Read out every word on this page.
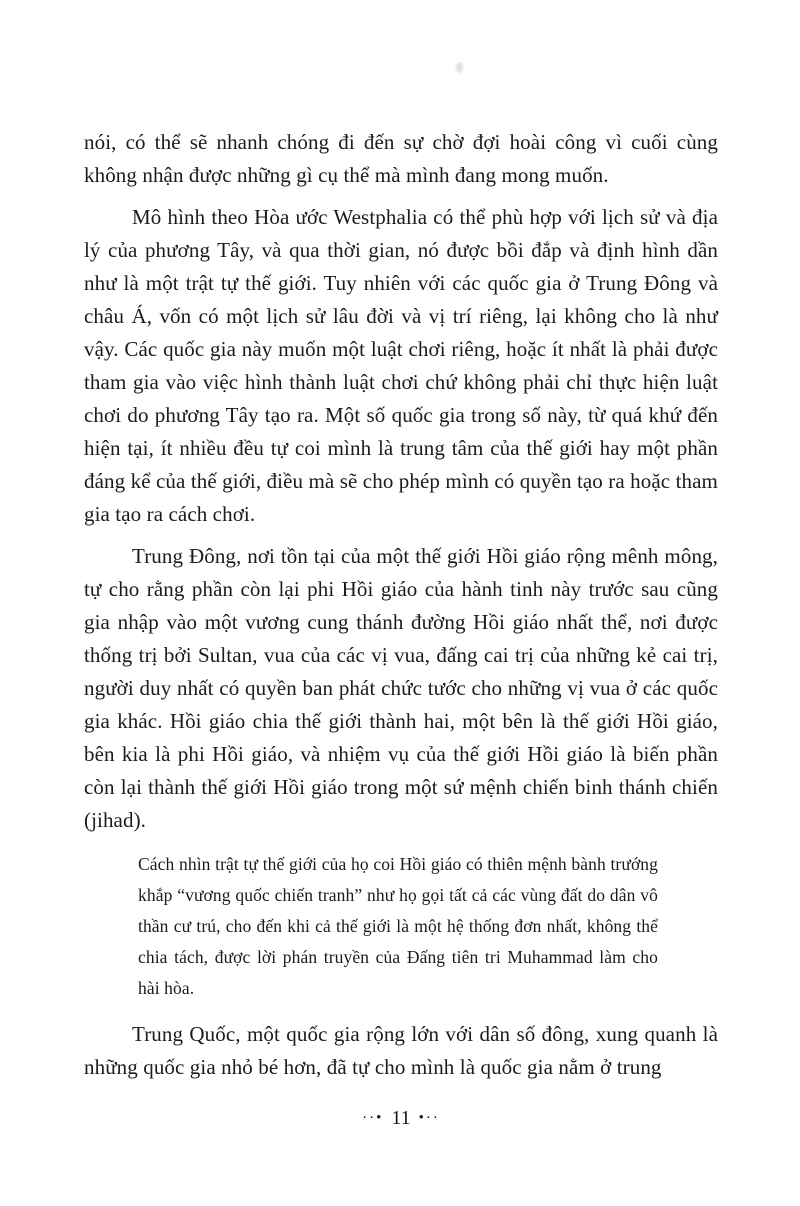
nói, có thể sẽ nhanh chóng đi đến sự chờ đợi hoài công vì cuối cùng không nhận được những gì cụ thể mà mình đang mong muốn.

Mô hình theo Hòa ước Westphalia có thể phù hợp với lịch sử và địa lý của phương Tây, và qua thời gian, nó được bồi đắp và định hình dần như là một trật tự thế giới. Tuy nhiên với các quốc gia ở Trung Đông và châu Á, vốn có một lịch sử lâu đời và vị trí riêng, lại không cho là như vậy. Các quốc gia này muốn một luật chơi riêng, hoặc ít nhất là phải được tham gia vào việc hình thành luật chơi chứ không phải chỉ thực hiện luật chơi do phương Tây tạo ra. Một số quốc gia trong số này, từ quá khứ đến hiện tại, ít nhiều đều tự coi mình là trung tâm của thế giới hay một phần đáng kể của thế giới, điều mà sẽ cho phép mình có quyền tạo ra hoặc tham gia tạo ra cách chơi.

Trung Đông, nơi tồn tại của một thế giới Hồi giáo rộng mênh mông, tự cho rằng phần còn lại phi Hồi giáo của hành tinh này trước sau cũng gia nhập vào một vương cung thánh đường Hồi giáo nhất thể, nơi được thống trị bởi Sultan, vua của các vị vua, đấng cai trị của những kẻ cai trị, người duy nhất có quyền ban phát chức tước cho những vị vua ở các quốc gia khác. Hồi giáo chia thế giới thành hai, một bên là thế giới Hồi giáo, bên kia là phi Hồi giáo, và nhiệm vụ của thế giới Hồi giáo là biến phần còn lại thành thế giới Hồi giáo trong một sứ mệnh chiến binh thánh chiến (jihad).

Cách nhìn trật tự thế giới của họ coi Hồi giáo có thiên mệnh bành trướng khắp “vương quốc chiến tranh” như họ gọi tất cả các vùng đất do dân vô thần cư trú, cho đến khi cả thế giới là một hệ thống đơn nhất, không thể chia tách, được lời phán truyền của Đấng tiên tri Muhammad làm cho hài hòa.

Trung Quốc, một quốc gia rộng lớn với dân số đông, xung quanh là những quốc gia nhỏ bé hơn, đã tự cho mình là quốc gia nằm ở trung

··• 11 •··
